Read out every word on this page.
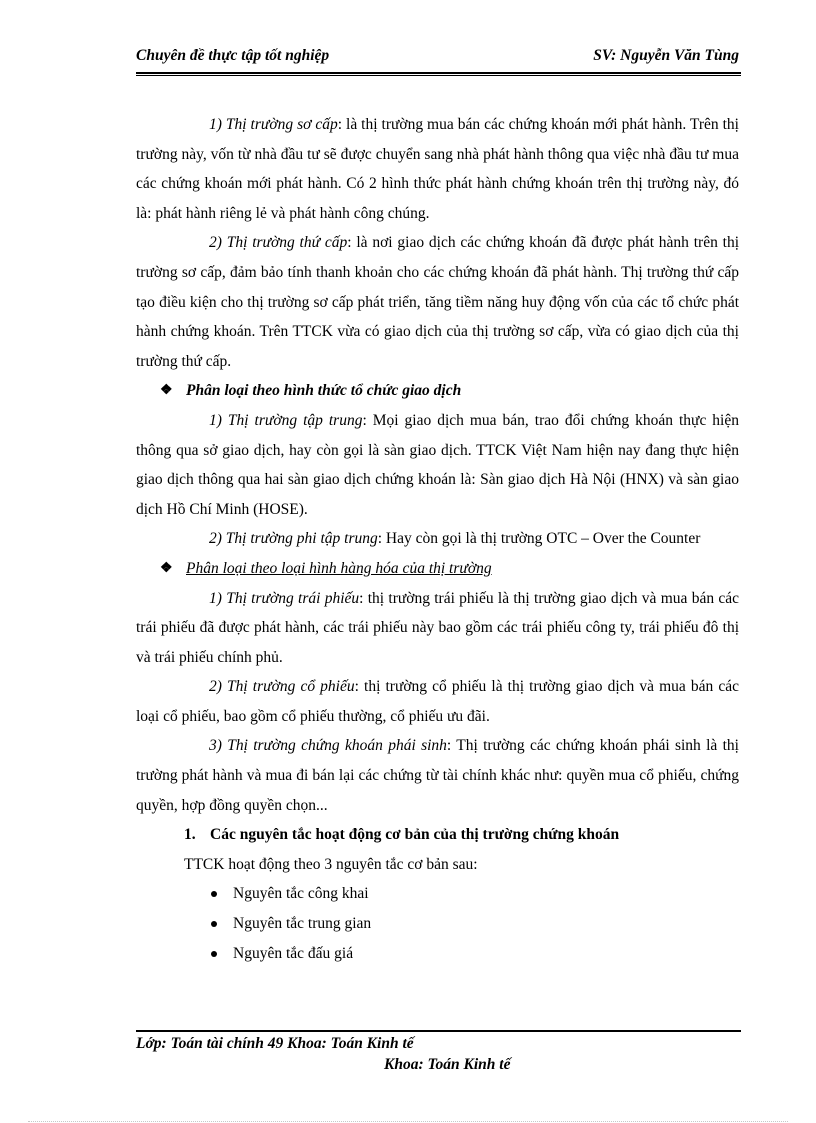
Chuyên đề thực tập tốt nghiệp	SV: Nguyễn Văn Tùng

1) Thị trường sơ cấp: là thị trường mua bán các chứng khoán mới phát hành. Trên thị trường này, vốn từ nhà đầu tư sẽ được chuyển sang nhà phát hành thông qua việc nhà đầu tư mua các chứng khoán mới phát hành. Có 2 hình thức phát hành chứng khoán trên thị trường này, đó là: phát hành riêng lẻ và phát hành công chúng.

2) Thị trường thứ cấp: là nơi giao dịch các chứng khoán đã được phát hành trên thị trường sơ cấp, đảm bảo tính thanh khoản cho các chứng khoán đã phát hành. Thị trường thứ cấp tạo điều kiện cho thị trường sơ cấp phát triển, tăng tiềm năng huy động vốn của các tổ chức phát hành chứng khoán. Trên TTCK vừa có giao dịch của thị trường sơ cấp, vừa có giao dịch của thị trường thứ cấp.

❖ Phân loại theo hình thức tổ chức giao dịch

1) Thị trường tập trung: Mọi giao dịch mua bán, trao đổi chứng khoán thực hiện thông qua sở giao dịch, hay còn gọi là sàn giao dịch. TTCK Việt Nam hiện nay đang thực hiện giao dịch thông qua hai sàn giao dịch chứng khoán là: Sàn giao dịch Hà Nội (HNX) và sàn giao dịch Hồ Chí Minh (HOSE).

2) Thị trường phi tập trung: Hay còn gọi là thị trường OTC – Over the Counter

❖ Phân loại theo loại hình hàng hóa của thị trường

1) Thị trường trái phiếu: thị trường trái phiếu là thị trường giao dịch và mua bán các trái phiếu đã được phát hành, các trái phiếu này bao gồm các trái phiếu công ty, trái phiếu đô thị và trái phiếu chính phủ.

2) Thị trường cổ phiếu: thị trường cổ phiếu là thị trường giao dịch và mua bán các loại cổ phiếu, bao gồm cổ phiếu thường, cổ phiếu ưu đãi.

3) Thị trường chứng khoán phái sinh: Thị trường các chứng khoán phái sinh là thị trường phát hành và mua đi bán lại các chứng từ tài chính khác như: quyền mua cổ phiếu, chứng quyền, hợp đồng quyền chọn...

1. Các nguyên tắc hoạt động cơ bản của thị trường chứng khoán

TTCK hoạt động theo 3 nguyên tắc cơ bản sau:

Nguyên tắc công khai

Nguyên tắc trung gian

Nguyên tắc đấu giá

Lớp: Toán tài chính 49 Khoa: Toán Kinh tế
Khoa: Toán Kinh tế
